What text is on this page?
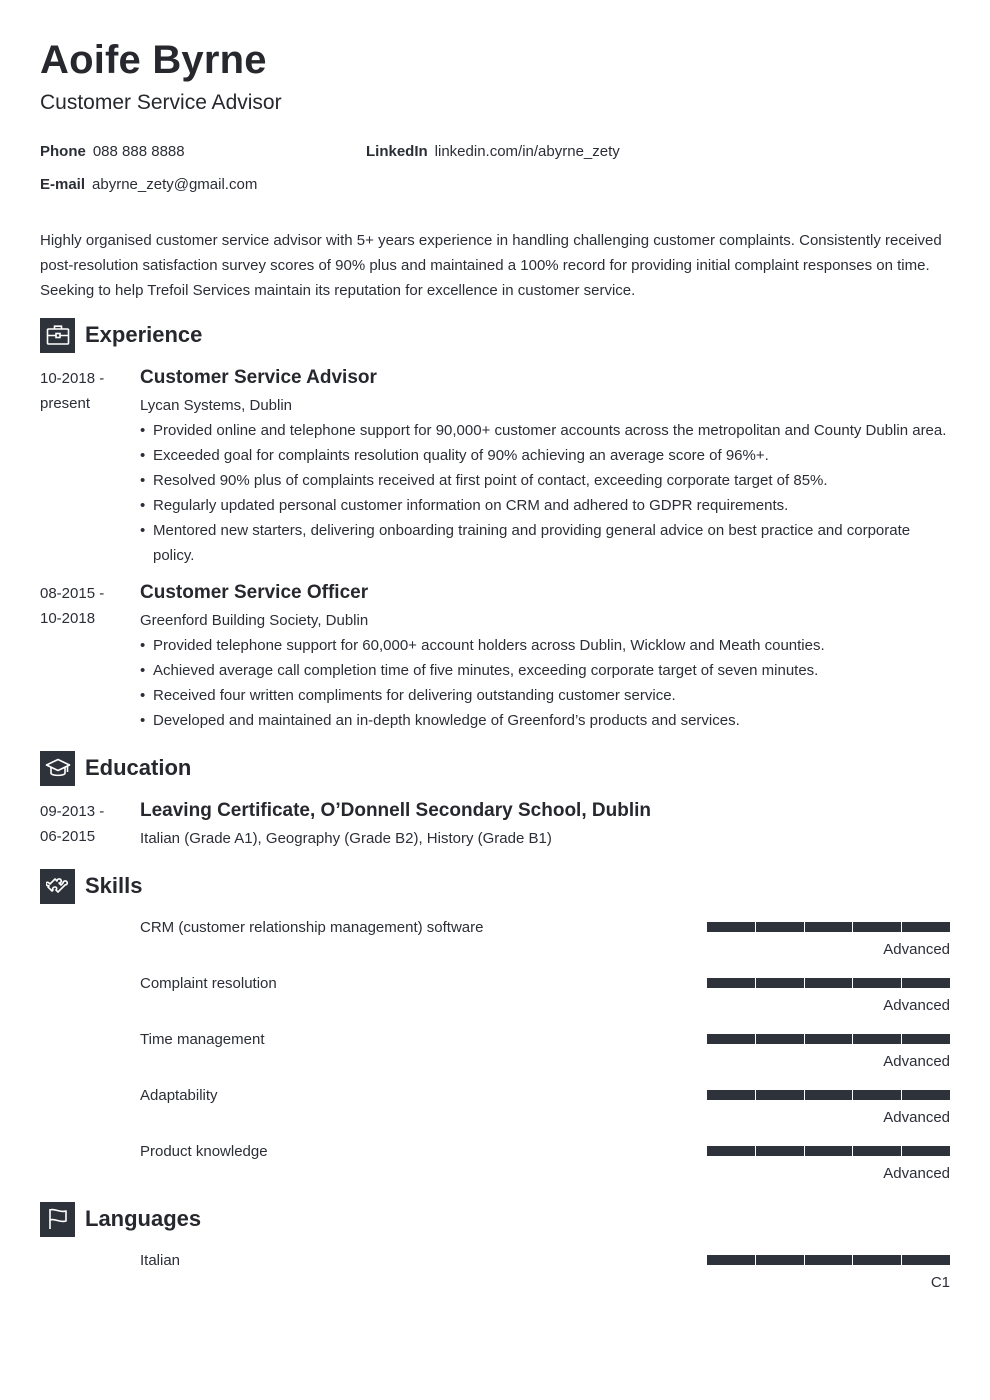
Aoife Byrne
Customer Service Advisor
Phone 088 888 8888	LinkedIn linkedin.com/in/abyrne_zety
E-mail abyrne_zety@gmail.com

Highly organised customer service advisor with 5+ years experience in handling challenging customer complaints. Consistently received post-resolution satisfaction survey scores of 90% plus and maintained a 100% record for providing initial complaint responses on time. Seeking to help Trefoil Services maintain its reputation for excellence in customer service.

Experience
10-2018 -
present
Customer Service Advisor
Lycan Systems, Dublin
• Provided online and telephone support for 90,000+ customer accounts across the metropolitan and County Dublin area.
• Exceeded goal for complaints resolution quality of 90% achieving an average score of 96%+.
• Resolved 90% plus of complaints received at first point of contact, exceeding corporate target of 85%.
• Regularly updated personal customer information on CRM and adhered to GDPR requirements.
• Mentored new starters, delivering onboarding training and providing general advice on best practice and corporate policy.
08-2015 -
10-2018
Customer Service Officer
Greenford Building Society, Dublin
• Provided telephone support for 60,000+ account holders across Dublin, Wicklow and Meath counties.
• Achieved average call completion time of five minutes, exceeding corporate target of seven minutes.
• Received four written compliments for delivering outstanding customer service.
• Developed and maintained an in-depth knowledge of Greenford’s products and services.
Education
09-2013 -
06-2015
Leaving Certificate, O’Donnell Secondary School, Dublin
Italian (Grade A1), Geography (Grade B2), History (Grade B1)
Skills
CRM (customer relationship management) software
Advanced
Complaint resolution
Advanced
Time management
Advanced
Adaptability
Advanced
Product knowledge
Advanced
Languages
Italian
C1
